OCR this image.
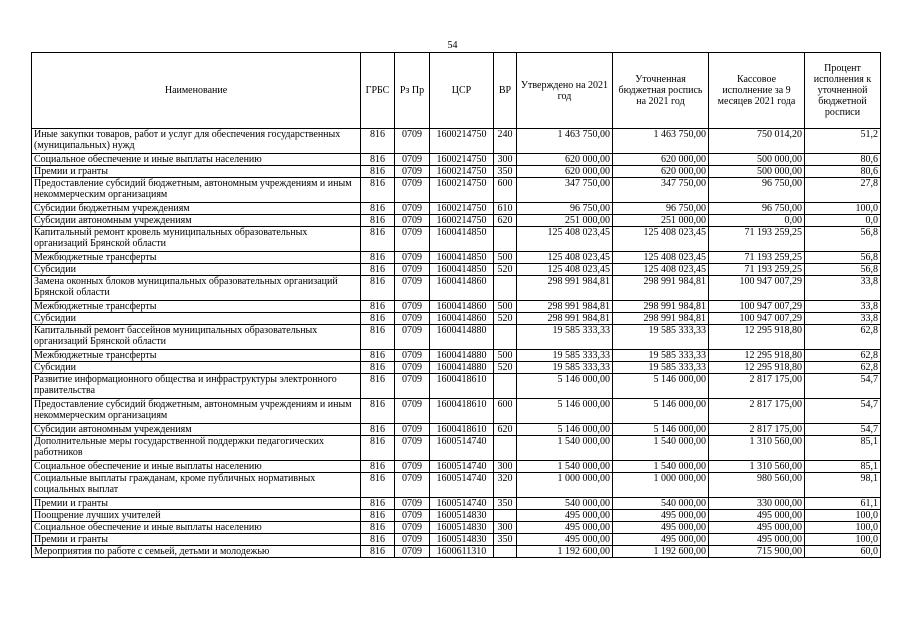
54
Наименование	ГРБС	Рз Пр	ЦСР	ВР	Утверждено на 2021 год	Уточненная бюджетная роспись на 2021 год	Кассовое исполнение за 9 месяцев 2021 года	Процент исполнения к уточненной бюджетной росписи
Иные закупки товаров, работ и услуг для обеспечения государственных (муниципальных) нужд	816	0709	1600214750	240	1 463 750,00	1 463 750,00	750 014,20	51,2
Социальное обеспечение и иные выплаты населению	816	0709	1600214750	300	620 000,00	620 000,00	500 000,00	80,6
Премии и гранты	816	0709	1600214750	350	620 000,00	620 000,00	500 000,00	80,6
Предоставление субсидий бюджетным, автономным учреждениям и иным некоммерческим организациям	816	0709	1600214750	600	347 750,00	347 750,00	96 750,00	27,8
Субсидии бюджетным учреждениям	816	0709	1600214750	610	96 750,00	96 750,00	96 750,00	100,0
Субсидии автономным учреждениям	816	0709	1600214750	620	251 000,00	251 000,00	0,00	0,0
Капитальный ремонт кровель муниципальных образовательных организаций Брянской области	816	0709	1600414850		125 408 023,45	125 408 023,45	71 193 259,25	56,8
Межбюджетные трансферты	816	0709	1600414850	500	125 408 023,45	125 408 023,45	71 193 259,25	56,8
Субсидии	816	0709	1600414850	520	125 408 023,45	125 408 023,45	71 193 259,25	56,8
Замена оконных блоков муниципальных образовательных организаций Брянской области	816	0709	1600414860		298 991 984,81	298 991 984,81	100 947 007,29	33,8
Межбюджетные трансферты	816	0709	1600414860	500	298 991 984,81	298 991 984,81	100 947 007,29	33,8
Субсидии	816	0709	1600414860	520	298 991 984,81	298 991 984,81	100 947 007,29	33,8
Капитальный ремонт бассейнов муниципальных образовательных организаций Брянской области	816	0709	1600414880		19 585 333,33	19 585 333,33	12 295 918,80	62,8
Межбюджетные трансферты	816	0709	1600414880	500	19 585 333,33	19 585 333,33	12 295 918,80	62,8
Субсидии	816	0709	1600414880	520	19 585 333,33	19 585 333,33	12 295 918,80	62,8
Развитие информационного общества и инфраструктуры электронного правительства	816	0709	1600418610		5 146 000,00	5 146 000,00	2 817 175,00	54,7
Предоставление субсидий бюджетным, автономным учреждениям и иным некоммерческим организациям	816	0709	1600418610	600	5 146 000,00	5 146 000,00	2 817 175,00	54,7
Субсидии автономным учреждениям	816	0709	1600418610	620	5 146 000,00	5 146 000,00	2 817 175,00	54,7
Дополнительные меры государственной поддержки педагогических работников	816	0709	1600514740		1 540 000,00	1 540 000,00	1 310 560,00	85,1
Социальное обеспечение и иные выплаты населению	816	0709	1600514740	300	1 540 000,00	1 540 000,00	1 310 560,00	85,1
Социальные выплаты гражданам, кроме публичных нормативных социальных выплат	816	0709	1600514740	320	1 000 000,00	1 000 000,00	980 560,00	98,1
Премии и гранты	816	0709	1600514740	350	540 000,00	540 000,00	330 000,00	61,1
Поощрение лучших учителей	816	0709	1600514830		495 000,00	495 000,00	495 000,00	100,0
Социальное обеспечение и иные выплаты населению	816	0709	1600514830	300	495 000,00	495 000,00	495 000,00	100,0
Премии и гранты	816	0709	1600514830	350	495 000,00	495 000,00	495 000,00	100,0
Мероприятия по работе с семьей, детьми и молодежью	816	0709	1600611310		1 192 600,00	1 192 600,00	715 900,00	60,0
